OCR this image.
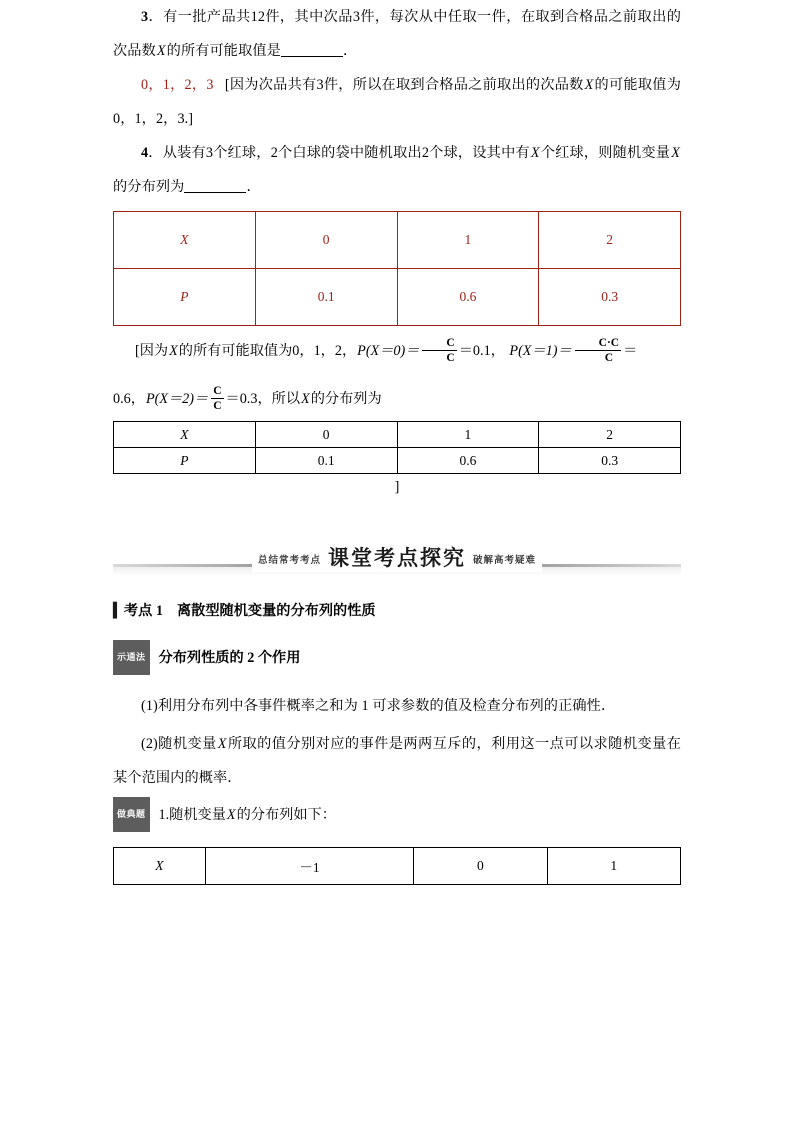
3．有一批产品共12件，其中次品3件，每次从中任取一件，在取到合格品之前取出的次品数X的所有可能取值是	．

0，1，2，3 [因为次品共有3件，所以在取到合格品之前取出的次品数X的可能取值为0，1，2，3.]

4．从装有3个红球，2个白球的袋中随机取出2个球，设其中有X个红球，则随机变量X的分布列为	．

X	0	1	2
P	0.1	0.6	0.3

[因为X的所有可能取值为0，1，2，$P(X=0)= \frac{C}{C} =0.1$， $P(X=1)= \frac{C\cdot C}{C}$ ＝

0.6，$P(X=2)= \frac{C}{C} =0.3$，所以X的分布列为

X	0	1	2
P	0.1	0.6	0.3
]
$^{总结常考考点}$ 课堂考点探究 $^{破解高考疑难}$

▍考点 1 离散型随机变量的分布列的性质

示通法 分布列性质的 2 个作用

(1)利用分布列中各事件概率之和为 1 可求参数的值及检查分布列的正确性．

(2)随机变量X所取的值分别对应的事件是两两互斥的，利用这一点可以求随机变量在某个范围内的概率．

做典题 1.随机变量X的分布列如下：

X	－1	0	1
